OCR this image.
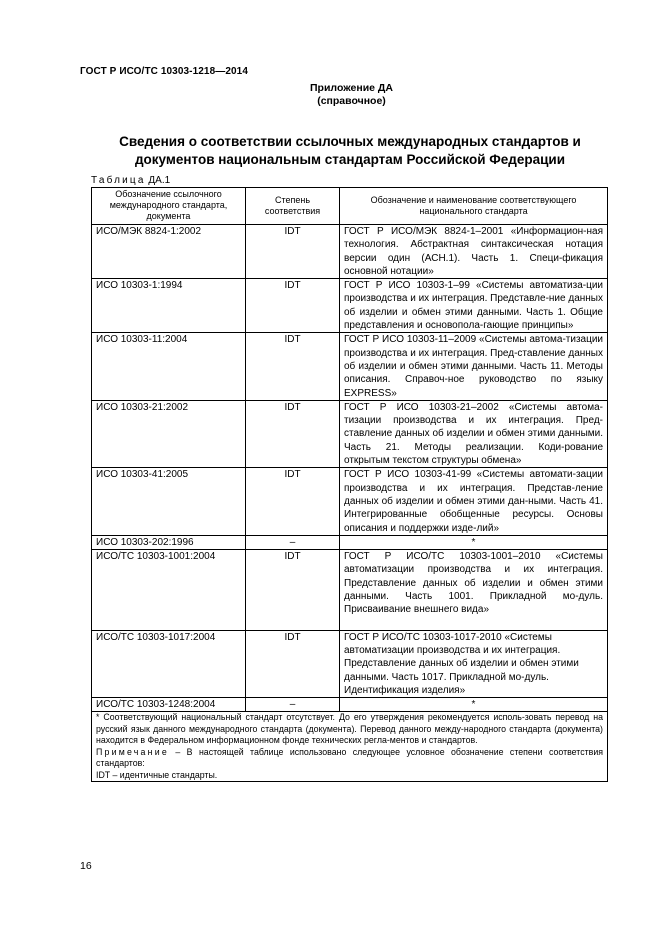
ГОСТ Р ИСО/ТС 10303-1218—2014
Приложение ДА
(справочное)
Сведения о соответствии ссылочных международных стандартов и
документов национальным стандартам Российской Федерации
Таблица ДА.1
Обозначение ссылочного международного стандарта, документа	Степень соответствия	Обозначение и наименование соответствующего национального стандарта
ИСО/МЭК 8824-1:2002	IDT	ГОСТ Р ИСО/МЭК 8824-1–2001 «Информацион-ная технология. Абстрактная синтаксическая нотация версии один (АСН.1). Часть 1. Специ-фикация основной нотации»
ИСО 10303-1:1994	IDT	ГОСТ Р ИСО 10303-1–99 «Системы автоматиза-ции производства и их интеграция. Представле-ние данных об изделии и обмен этими данными. Часть 1. Общие представления и основопола-гающие принципы»
ИСО 10303-11:2004	IDT	ГОСТ Р ИСО 10303-11–2009 «Системы автома-тизации производства и их интеграция. Пред-ставление данных об изделии и обмен этими данными. Часть 11. Методы описания. Справоч-ное руководство по языку EXPRESS»
ИСО 10303-21:2002	IDT	ГОСТ Р ИСО 10303-21–2002 «Системы автома-тизации производства и их интеграция. Пред-ставление данных об изделии и обмен этими данными. Часть 21. Методы реализации. Коди-рование открытым текстом структуры обмена»
ИСО 10303-41:2005	IDT	ГОСТ Р ИСО 10303-41-99 «Системы автомати-зации производства и их интеграция. Представ-ление данных об изделии и обмен этими дан-ными. Часть 41. Интегрированные обобщенные ресурсы. Основы описания и поддержки изде-лий»
ИСО 10303-202:1996	–	*
ИСО/ТС 10303-1001:2004	IDT	ГОСТ Р ИСО/ТС 10303-1001–2010 «Системы автоматизации производства и их интеграция. Представление данных об изделии и обмен этими данными. Часть 1001. Прикладной мо-дуль. Присваивание внешнего вида»
ИСО/ТС 10303-1017:2004	IDT	ГОСТ Р ИСО/ТС 10303-1017-2010 «Системы автоматизации производства и их интеграция. Представление данных об изделии и обмен этими данными. Часть 1017. Прикладной мо-дуль. Идентификация изделия»
ИСО/ТС 10303-1248:2004	–	*

* Соответствующий национальный стандарт отсутствует. До его утверждения рекомендуется исполь-зовать перевод на русский язык данного международного стандарта (документа). Перевод данного между-народного стандарта (документа) находится в Федеральном информационном фонде технических регла-ментов и стандартов.
Примечание – В настоящей таблице использовано следующее условное обозначение степени соответствия стандартов:
IDT – идентичные стандарты.		
16
